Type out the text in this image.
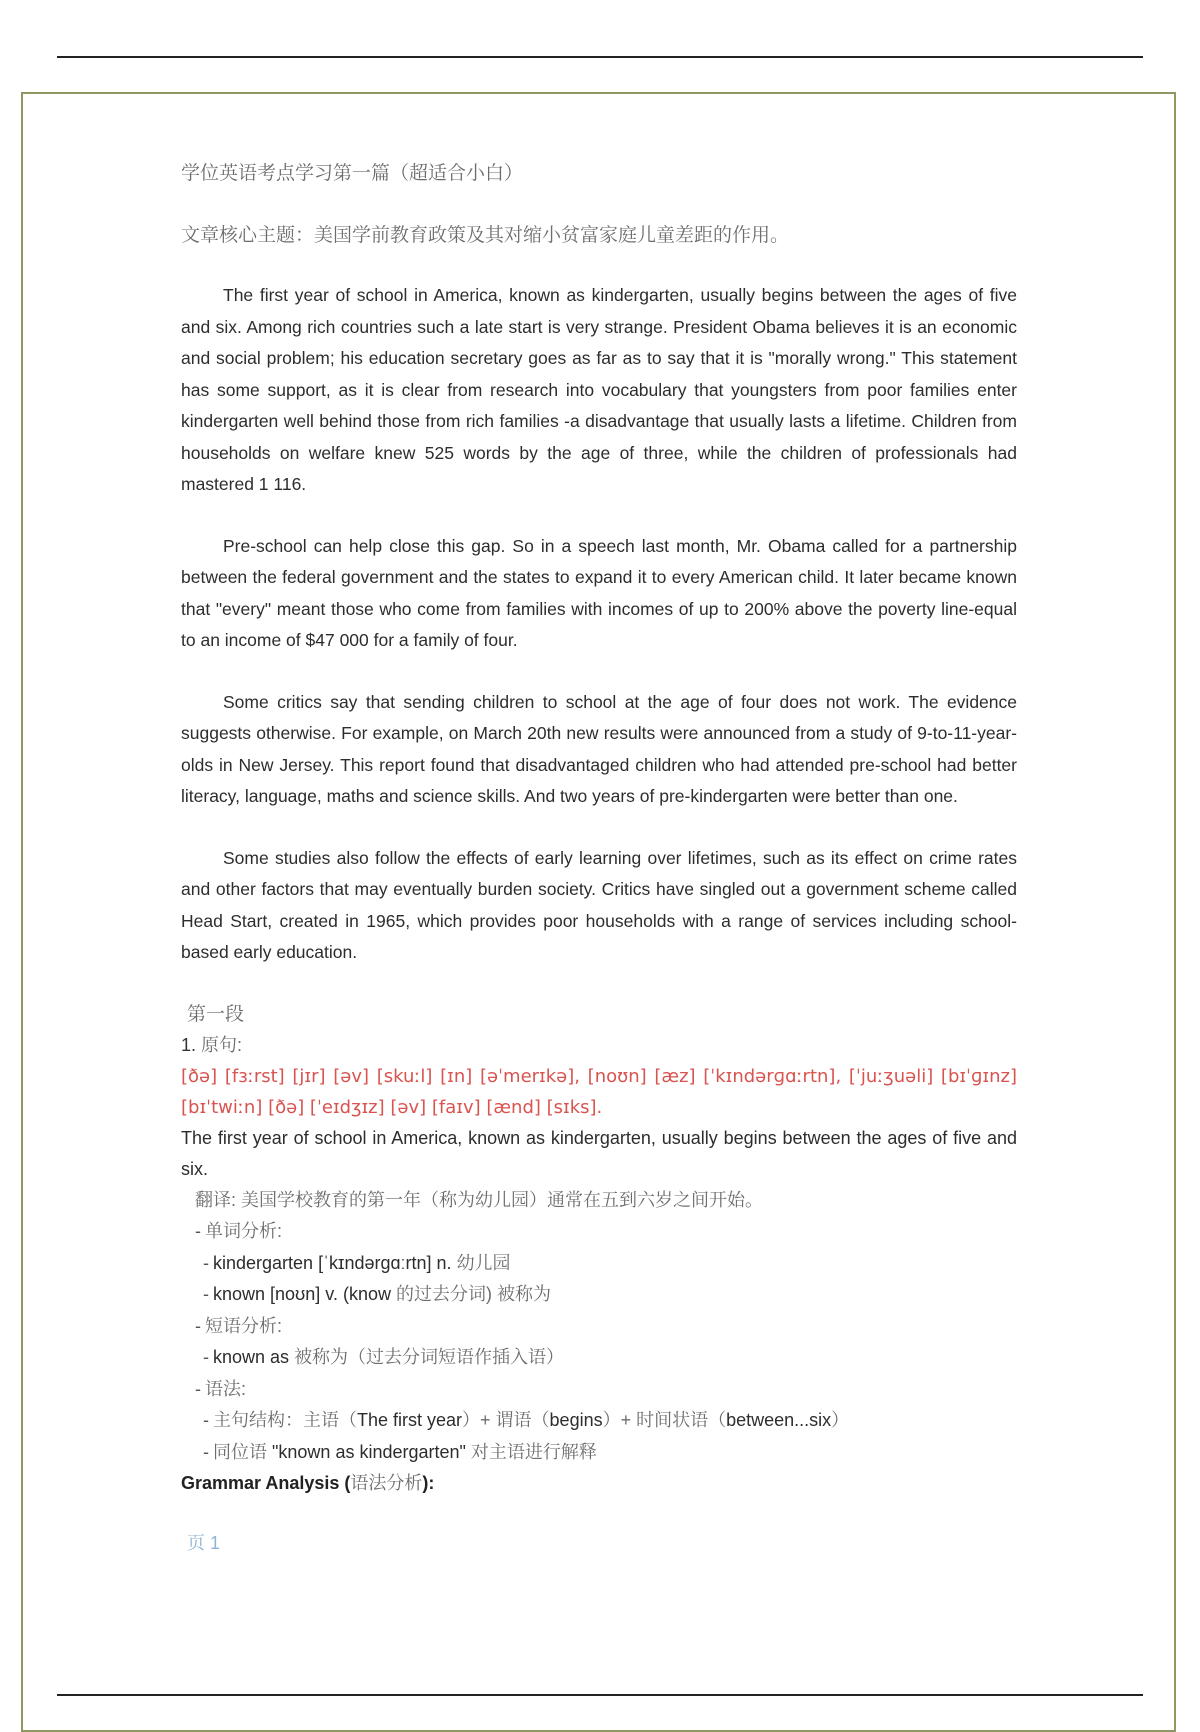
学位英语考点学习第一篇（超适合小白）

文章核心主题：美国学前教育政策及其对缩小贫富家庭儿童差距的作用。

The first year of school in America, known as kindergarten, usually begins between the ages of five and six. Among rich countries such a late start is very strange. President Obama believes it is an economic and social problem; his education secretary goes as far as to say that it is "morally wrong." This statement has some support, as it is clear from research into vocabulary that youngsters from poor families enter kindergarten well behind those from rich families -a disadvantage that usually lasts a lifetime. Children from households on welfare knew 525 words by the age of three, while the children of professionals had mastered 1 116.

Pre-school can help close this gap. So in a speech last month, Mr. Obama called for a partnership between the federal government and the states to expand it to every American child. It later became known that "every" meant those who come from families with incomes of up to 200% above the poverty line-equal to an income of $47 000 for a family of four.

Some critics say that sending children to school at the age of four does not work. The evidence suggests otherwise. For example, on March 20th new results were announced from a study of 9-to-11-year-olds in New Jersey. This report found that disadvantaged children who had attended pre-school had better literacy, language, maths and science skills. And two years of pre-kindergarten were better than one.

Some studies also follow the effects of early learning over lifetimes, such as its effect on crime rates and other factors that may eventually burden society. Critics have singled out a government scheme called Head Start, created in 1965, which provides poor households with a range of services including school-based early education.

第一段

1. 原句:

[ðə] [fɜːrst] [jɪr] [əv] [skuːl] [ɪn] [əˈmerɪkə], [noʊn] [æz] [ˈkɪndərɡɑːrtn], [ˈjuːʒuəli] [bɪˈɡɪnz] [bɪˈtwiːn] [ðə] [ˈeɪdʒɪz] [əv] [faɪv] [ænd] [sɪks].

The first year of school in America, known as kindergarten, usually begins between the ages of five and six.

翻译: 美国学校教育的第一年（称为幼儿园）通常在五到六岁之间开始。

- 单词分析:

- kindergarten [ˈkɪndərɡɑːrtn] n. 幼儿园

- known [noʊn] v. (know 的过去分词) 被称为

- 短语分析:

- known as 被称为（过去分词短语作插入语）

- 语法:

- 主句结构：主语（The first year）+ 谓语（begins）+ 时间状语（between...six）

- 同位语 "known as kindergarten" 对主语进行解释

Grammar Analysis (语法分析):

页 1
